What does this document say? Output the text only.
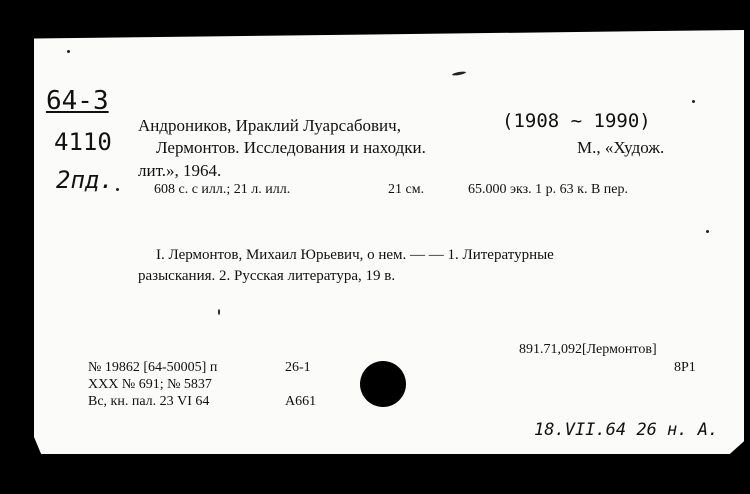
64-3
4110
2пд.
Андроников, Ираклий Луарсабович,	(1908 ~ 1990)
Лермонтов. Исследования и находки.	М., «Худож.
лит.», 1964.
608 с. с илл.; 21 л. илл.	21 см.	65.000 экз. 1 р. 63 к. В пер.
I. Лермонтов, Михаил Юрьевич, о нем. — — 1. Литературные
разыскания. 2. Русская литература, 19 в.
891.71,092[Лермонтов]
8Р1
№ 19862 [64-50005] п	26-1
ХХХ № 691; № 5837
Вс, кн. пал. 23 VI 64	А661
18.VII.64 26 н. А.
